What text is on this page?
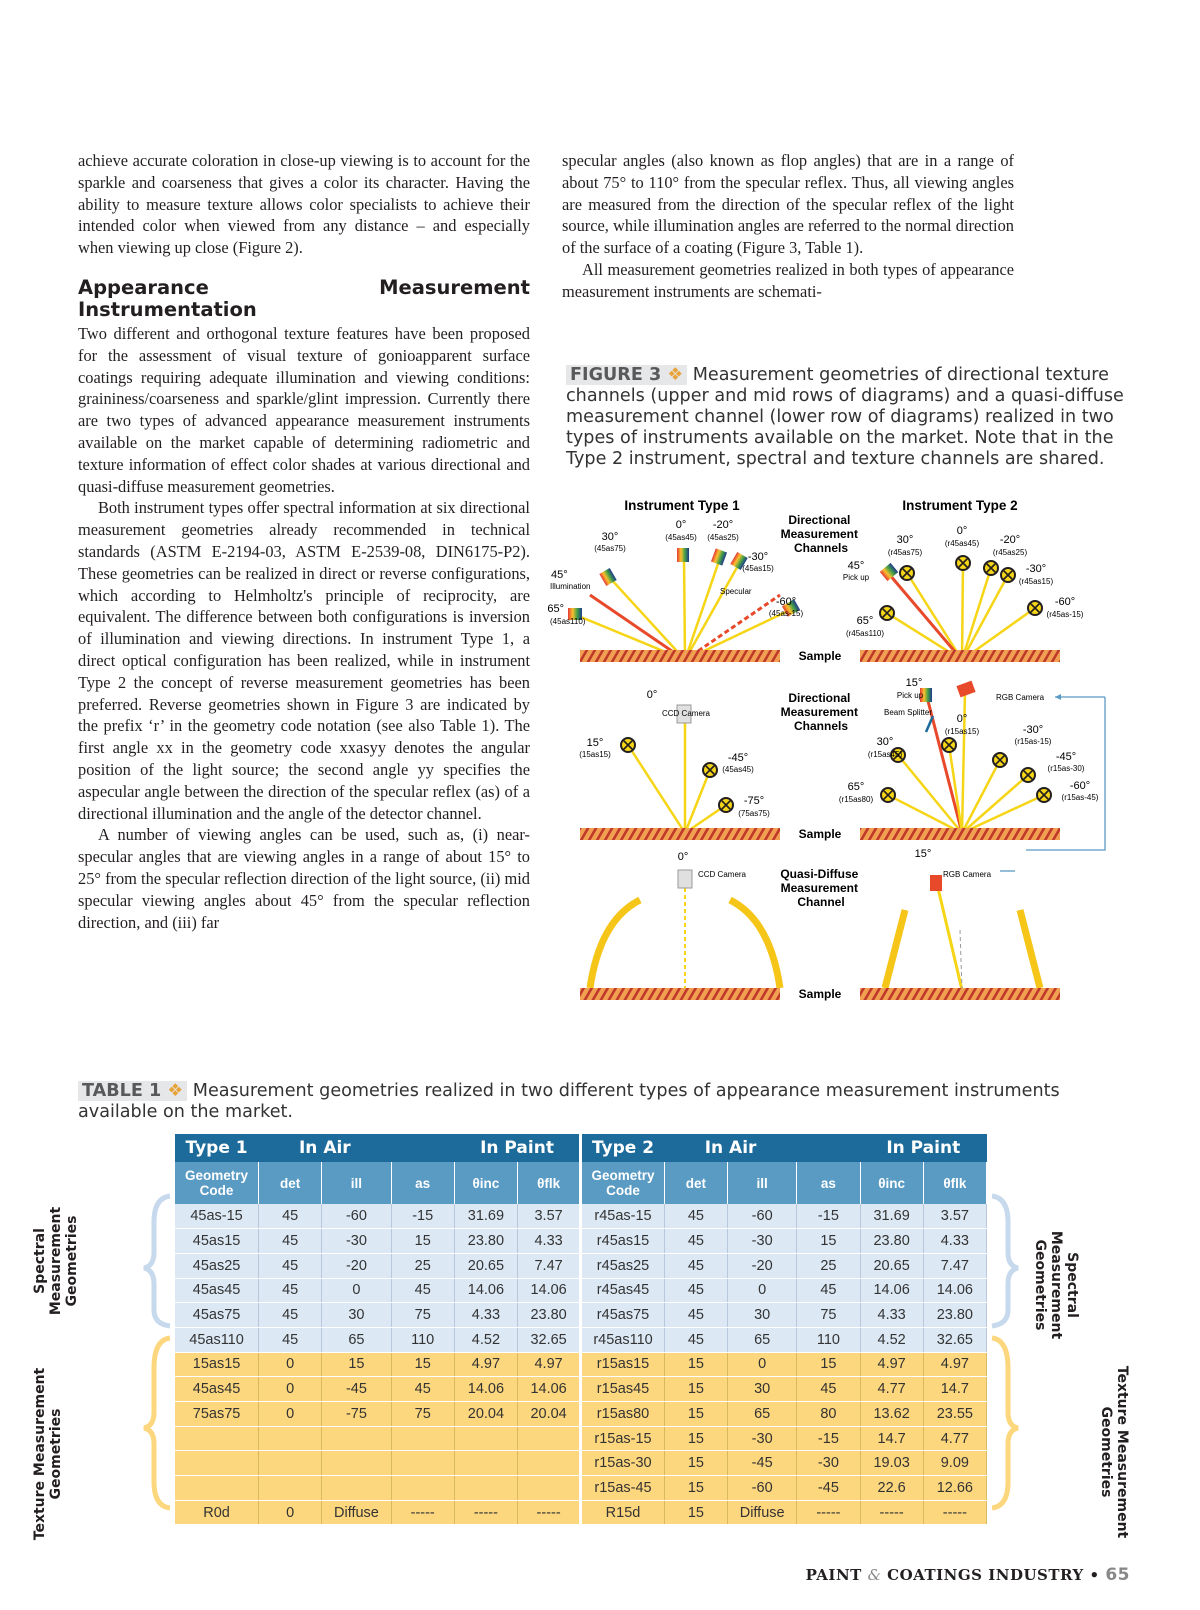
achieve accurate coloration in close-up viewing is to account for the sparkle and coarseness that gives a color its character. Having the ability to measure texture allows color specialists to achieve their intended color when viewed from any distance – and especially when viewing up close (Figure 2).

Appearance Measurement Instrumentation

Two different and orthogonal texture features have been proposed for the assessment of visual texture of gonioapparent surface coatings requiring adequate illumination and viewing conditions: graininess/coarseness and sparkle/glint impression. Currently there are two types of advanced appearance measurement instruments available on the market capable of determining radiometric and texture information of effect color shades at various directional and quasi-diffuse measurement geometries.

Both instrument types offer spectral information at six directional measurement geometries already recommended in technical standards (ASTM E-2194-03, ASTM E-2539-08, DIN6175-P2). These geometries can be realized in direct or reverse configurations, which according to Helmholtz's principle of reciprocity, are equivalent. The difference between both configurations is inversion of illumination and viewing directions. In instrument Type 1, a direct optical configuration has been realized, while in instrument Type 2 the concept of reverse measurement geometries has been preferred. Reverse geometries shown in Figure 3 are indicated by the prefix ‘r’ in the geometry code notation (see also Table 1). The first angle xx in the geometry code xxasyy denotes the angular position of the light source; the second angle yy specifies the aspecular angle between the direction of the specular reflex (as) of a directional illumination and the angle of the detector channel.

A number of viewing angles can be used, such as, (i) near-specular angles that are viewing angles in a range of about 15° to 25° from the specular reflection direction of the light source, (ii) mid specular viewing angles about 45° from the specular reflection direction, and (iii) far

specular angles (also known as flop angles) that are in a range of about 75° to 110° from the specular reflex. Thus, all viewing angles are measured from the direction of the specular reflex of the light source, while illumination angles are referred to the normal direction of the surface of a coating (Figure 3, Table 1).

All measurement geometries realized in both types of appearance measurement instruments are schemati-

FIGURE 3 ❖ Measurement geometries of directional texture channels (upper and mid rows of diagrams) and a quasi-diffuse measurement channel (lower row of diagrams) realized in two types of instruments available on the market. Note that in the Type 2 instrument, spectral and texture channels are shared.
Instrument Type 1	Instrument Type 2
30°
(45as75)
0°
(45as45)
-20°
(45as25)
-30°
(45as15)
45°
Illumination
Specular
-60°
(45as-15)
65°
(45as110)
Directional Measurement Channels
30°
(r45as75)
0°
(r45as45) -20°
(r45as25)
-30°
(r45as15)
45°
Pick up
-60°
(r45as-15)
65°
(r45as110)
Sample
0°
CCD Camera
15°
(15as15)	-45°
(45as45)
-75°
(75as75)
Directional Measurement Channels
15°
Pick up
Beam Splitter
RGB Camera
0°
(r15as15)	-30°
(r15as-15)
30°
(r15as45)	-45°
(r15as-30)
-60°
(r15as-45)
65°
(r15as80)
Sample
0°
CCD Camera	Quasi-Diffuse Measurement Channel
15°
RGB Camera
Sample
TABLE 1 ❖ Measurement geometries realized in two different types of appearance measurement instruments available on the market.
Spectral Measurement Geometries
Texture Measurement Geometries
Spectral Measurement Geometries
Texture Measurement Geometries
Type 1	In Air			In Paint		Type 2	In Air			In Paint	
Geometry Code	det	ill	as	θinc	θflk	Geometry Code	det	ill	as	θinc	θflk
45as-15	45	-60	-15	31.69	3.57	r45as-15	45	-60	-15	31.69	3.57
45as15	45	-30	15	23.80	4.33	r45as15	45	-30	15	23.80	4.33
45as25	45	-20	25	20.65	7.47	r45as25	45	-20	25	20.65	7.47
45as45	45	0	45	14.06	14.06	r45as45	45	0	45	14.06	14.06
45as75	45	30	75	4.33	23.80	r45as75	45	30	75	4.33	23.80
45as110	45	65	110	4.52	32.65	r45as110	45	65	110	4.52	32.65
15as15	0	15	15	4.97	4.97	r15as15	15	0	15	4.97	4.97
45as45	0	-45	45	14.06	14.06	r15as45	15	30	45	4.77	14.7
75as75	0	-75	75	20.04	20.04	r15as80	15	65	80	13.62	23.55
						r15as-15	15	-30	-15	14.7	4.77
						r15as-30	15	-45	-30	19.03	9.09
						r15as-45	15	-60	-45	22.6	12.66
R0d	0	Diffuse	-----	-----	-----	R15d	15	Diffuse	-----	-----	-----
PAINT & COATINGS INDUSTRY • 65
